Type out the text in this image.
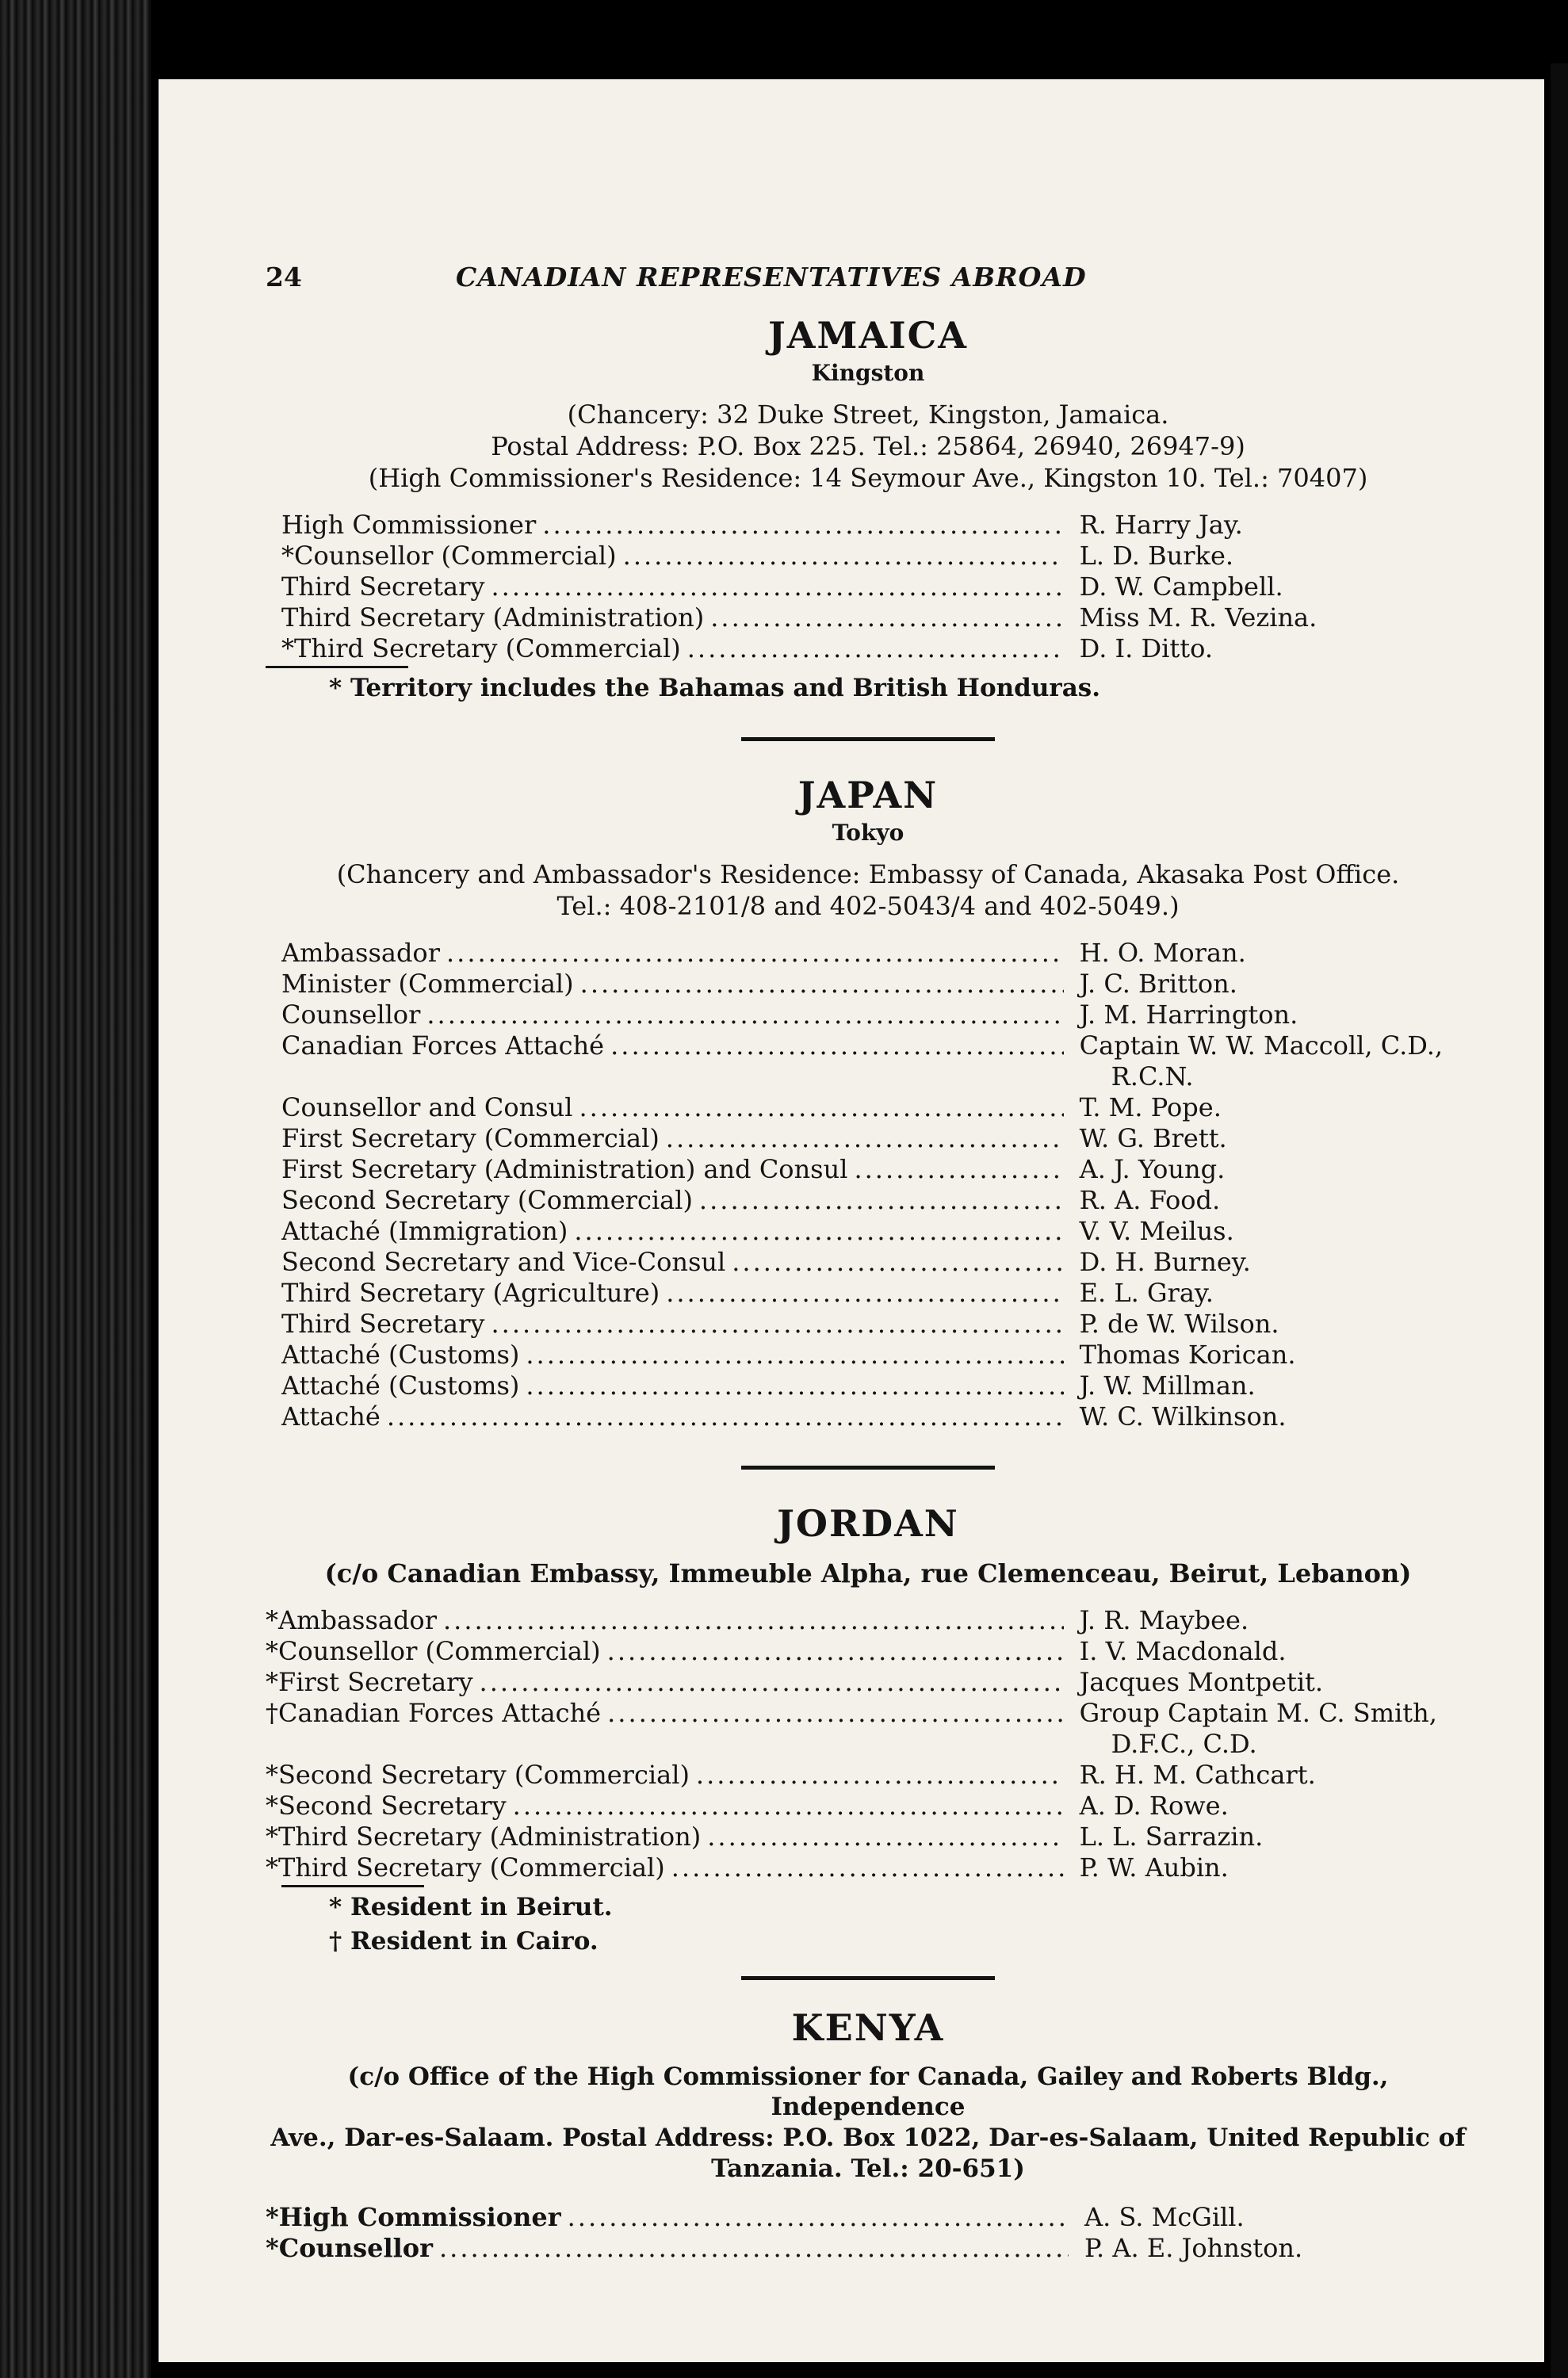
24	CANADIAN REPRESENTATIVES ABROAD
JAMAICA
Kingston

(Chancery: 32 Duke Street, Kingston, Jamaica.

Postal Address: P.O. Box 225. Tel.: 25864, 26940, 26947-9)

(High Commissioner's Residence: 14 Seymour Ave., Kingston 10. Tel.: 70407)

High Commissioner .....	R. Harry Jay.
*Counsellor (Commercial) .....	L. D. Burke.
Third Secretary .....	D. W. Campbell.
Third Secretary (Administration) .....	Miss M. R. Vezina.
*Third Secretary (Commercial) .....	D. I. Ditto.
* Territory includes the Bahamas and British Honduras.
JAPAN
Tokyo

(Chancery and Ambassador's Residence: Embassy of Canada, Akasaka Post Office.

Tel.: 408-2101/8 and 402-5043/4 and 402-5049.)

Ambassador .....	H. O. Moran.
Minister (Commercial) .....	J. C. Britton.
Counsellor .....	J. M. Harrington.
Canadian Forces Attaché .....	Captain W. W. Maccoll, C.D.,
R.C.N.
Counsellor and Consul .....	T. M. Pope.
First Secretary (Commercial) .....	W. G. Brett.
First Secretary (Administration) and Consul .....	A. J. Young.
Second Secretary (Commercial) .....	R. A. Food.
Attaché (Immigration) .....	V. V. Meilus.
Second Secretary and Vice-Consul .....	D. H. Burney.
Third Secretary (Agriculture) .....	E. L. Gray.
Third Secretary .....	P. de W. Wilson.
Attaché (Customs) .....	Thomas Korican.
Attaché (Customs) .....	J. W. Millman.
Attaché .....	W. C. Wilkinson.
JORDAN

(c/o Canadian Embassy, Immeuble Alpha, rue Clemenceau, Beirut, Lebanon)

*Ambassador .....	J. R. Maybee.
*Counsellor (Commercial) .....	I. V. Macdonald.
*First Secretary .....	Jacques Montpetit.
†Canadian Forces Attaché .....	Group Captain M. C. Smith,
D.F.C., C.D.
*Second Secretary (Commercial) .....	R. H. M. Cathcart.
*Second Secretary .....	A. D. Rowe.
*Third Secretary (Administration) .....	L. L. Sarrazin.
*Third Secretary (Commercial) .....	P. W. Aubin.
* Resident in Beirut.
† Resident in Cairo.
KENYA
(c/o Office of the High Commissioner for Canada, Gailey and Roberts Bldg., Independence
Ave., Dar-es-Salaam. Postal Address: P.O. Box 1022, Dar-es-Salaam, United Republic of
Tanzania. Tel.: 20-651)
*High Commissioner .....	A. S. McGill.
*Counsellor .....	P. A. E. Johnston.
